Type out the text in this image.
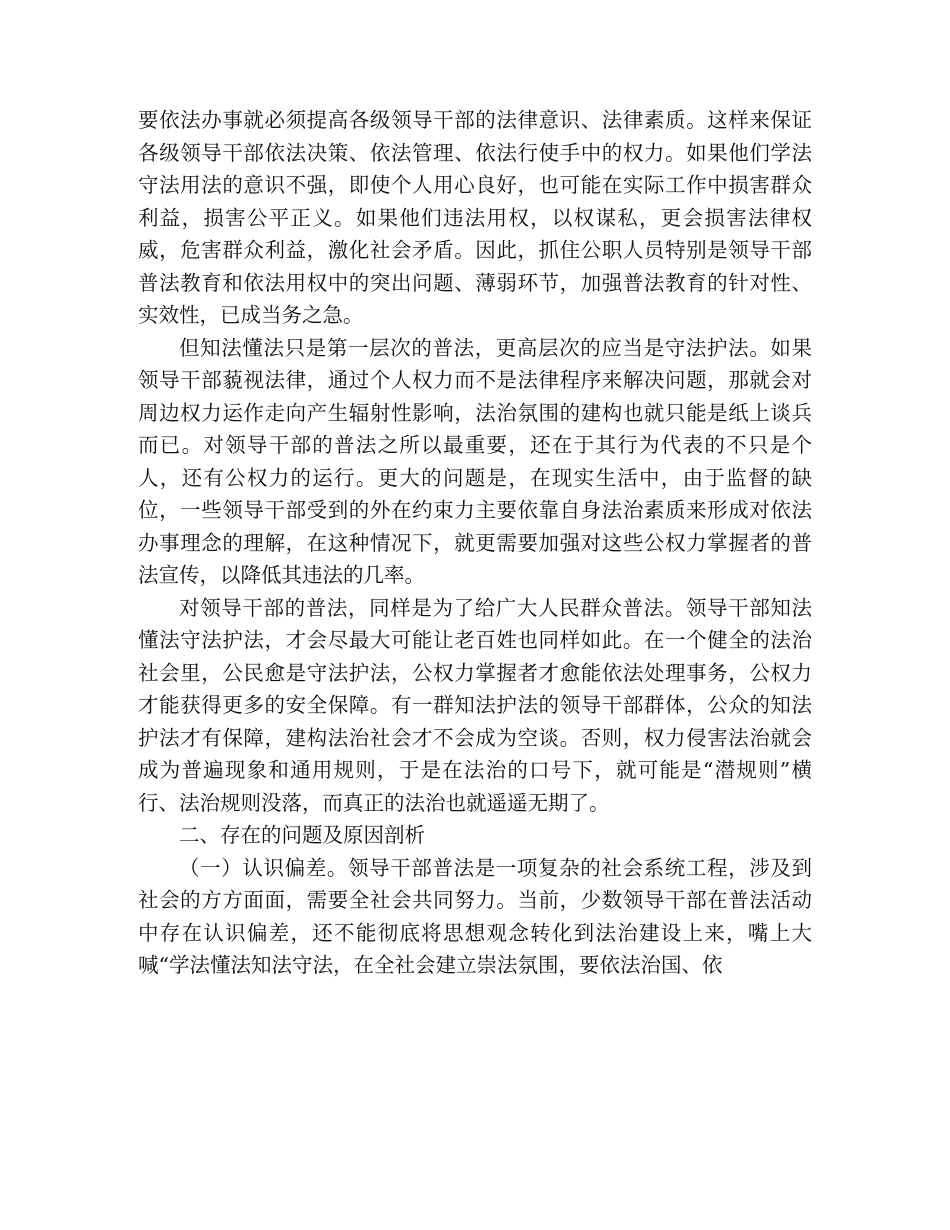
要依法办事就必须提高各级领导干部的法律意识、法律素质。这样来保证各级领导干部依法决策、依法管理、依法行使手中的权力。如果他们学法守法用法的意识不强，即使个人用心良好，也可能在实际工作中损害群众利益，损害公平正义。如果他们违法用权，以权谋私，更会损害法律权威，危害群众利益，激化社会矛盾。因此，抓住公职人员特别是领导干部普法教育和依法用权中的突出问题、薄弱环节，加强普法教育的针对性、实效性，已成当务之急。

但知法懂法只是第一层次的普法，更高层次的应当是守法护法。如果领导干部藐视法律，通过个人权力而不是法律程序来解决问题，那就会对周边权力运作走向产生辐射性影响，法治氛围的建构也就只能是纸上谈兵而已。对领导干部的普法之所以最重要，还在于其行为代表的不只是个人，还有公权力的运行。更大的问题是，在现实生活中，由于监督的缺位，一些领导干部受到的外在约束力主要依靠自身法治素质来形成对依法办事理念的理解，在这种情况下，就更需要加强对这些公权力掌握者的普法宣传，以降低其违法的几率。

对领导干部的普法，同样是为了给广大人民群众普法。领导干部知法懂法守法护法，才会尽最大可能让老百姓也同样如此。在一个健全的法治社会里，公民愈是守法护法，公权力掌握者才愈能依法处理事务，公权力才能获得更多的安全保障。有一群知法护法的领导干部群体，公众的知法护法才有保障，建构法治社会才不会成为空谈。否则，权力侵害法治就会成为普遍现象和通用规则，于是在法治的口号下，就可能是“潜规则”横行、法治规则没落，而真正的法治也就遥遥无期了。

二、存在的问题及原因剖析

（一）认识偏差。领导干部普法是一项复杂的社会系统工程，涉及到社会的方方面面，需要全社会共同努力。当前，少数领导干部在普法活动中存在认识偏差，还不能彻底将思想观念转化到法治建设上来，嘴上大喊“学法懂法知法守法，在全社会建立崇法氛围，要依法治国、依
